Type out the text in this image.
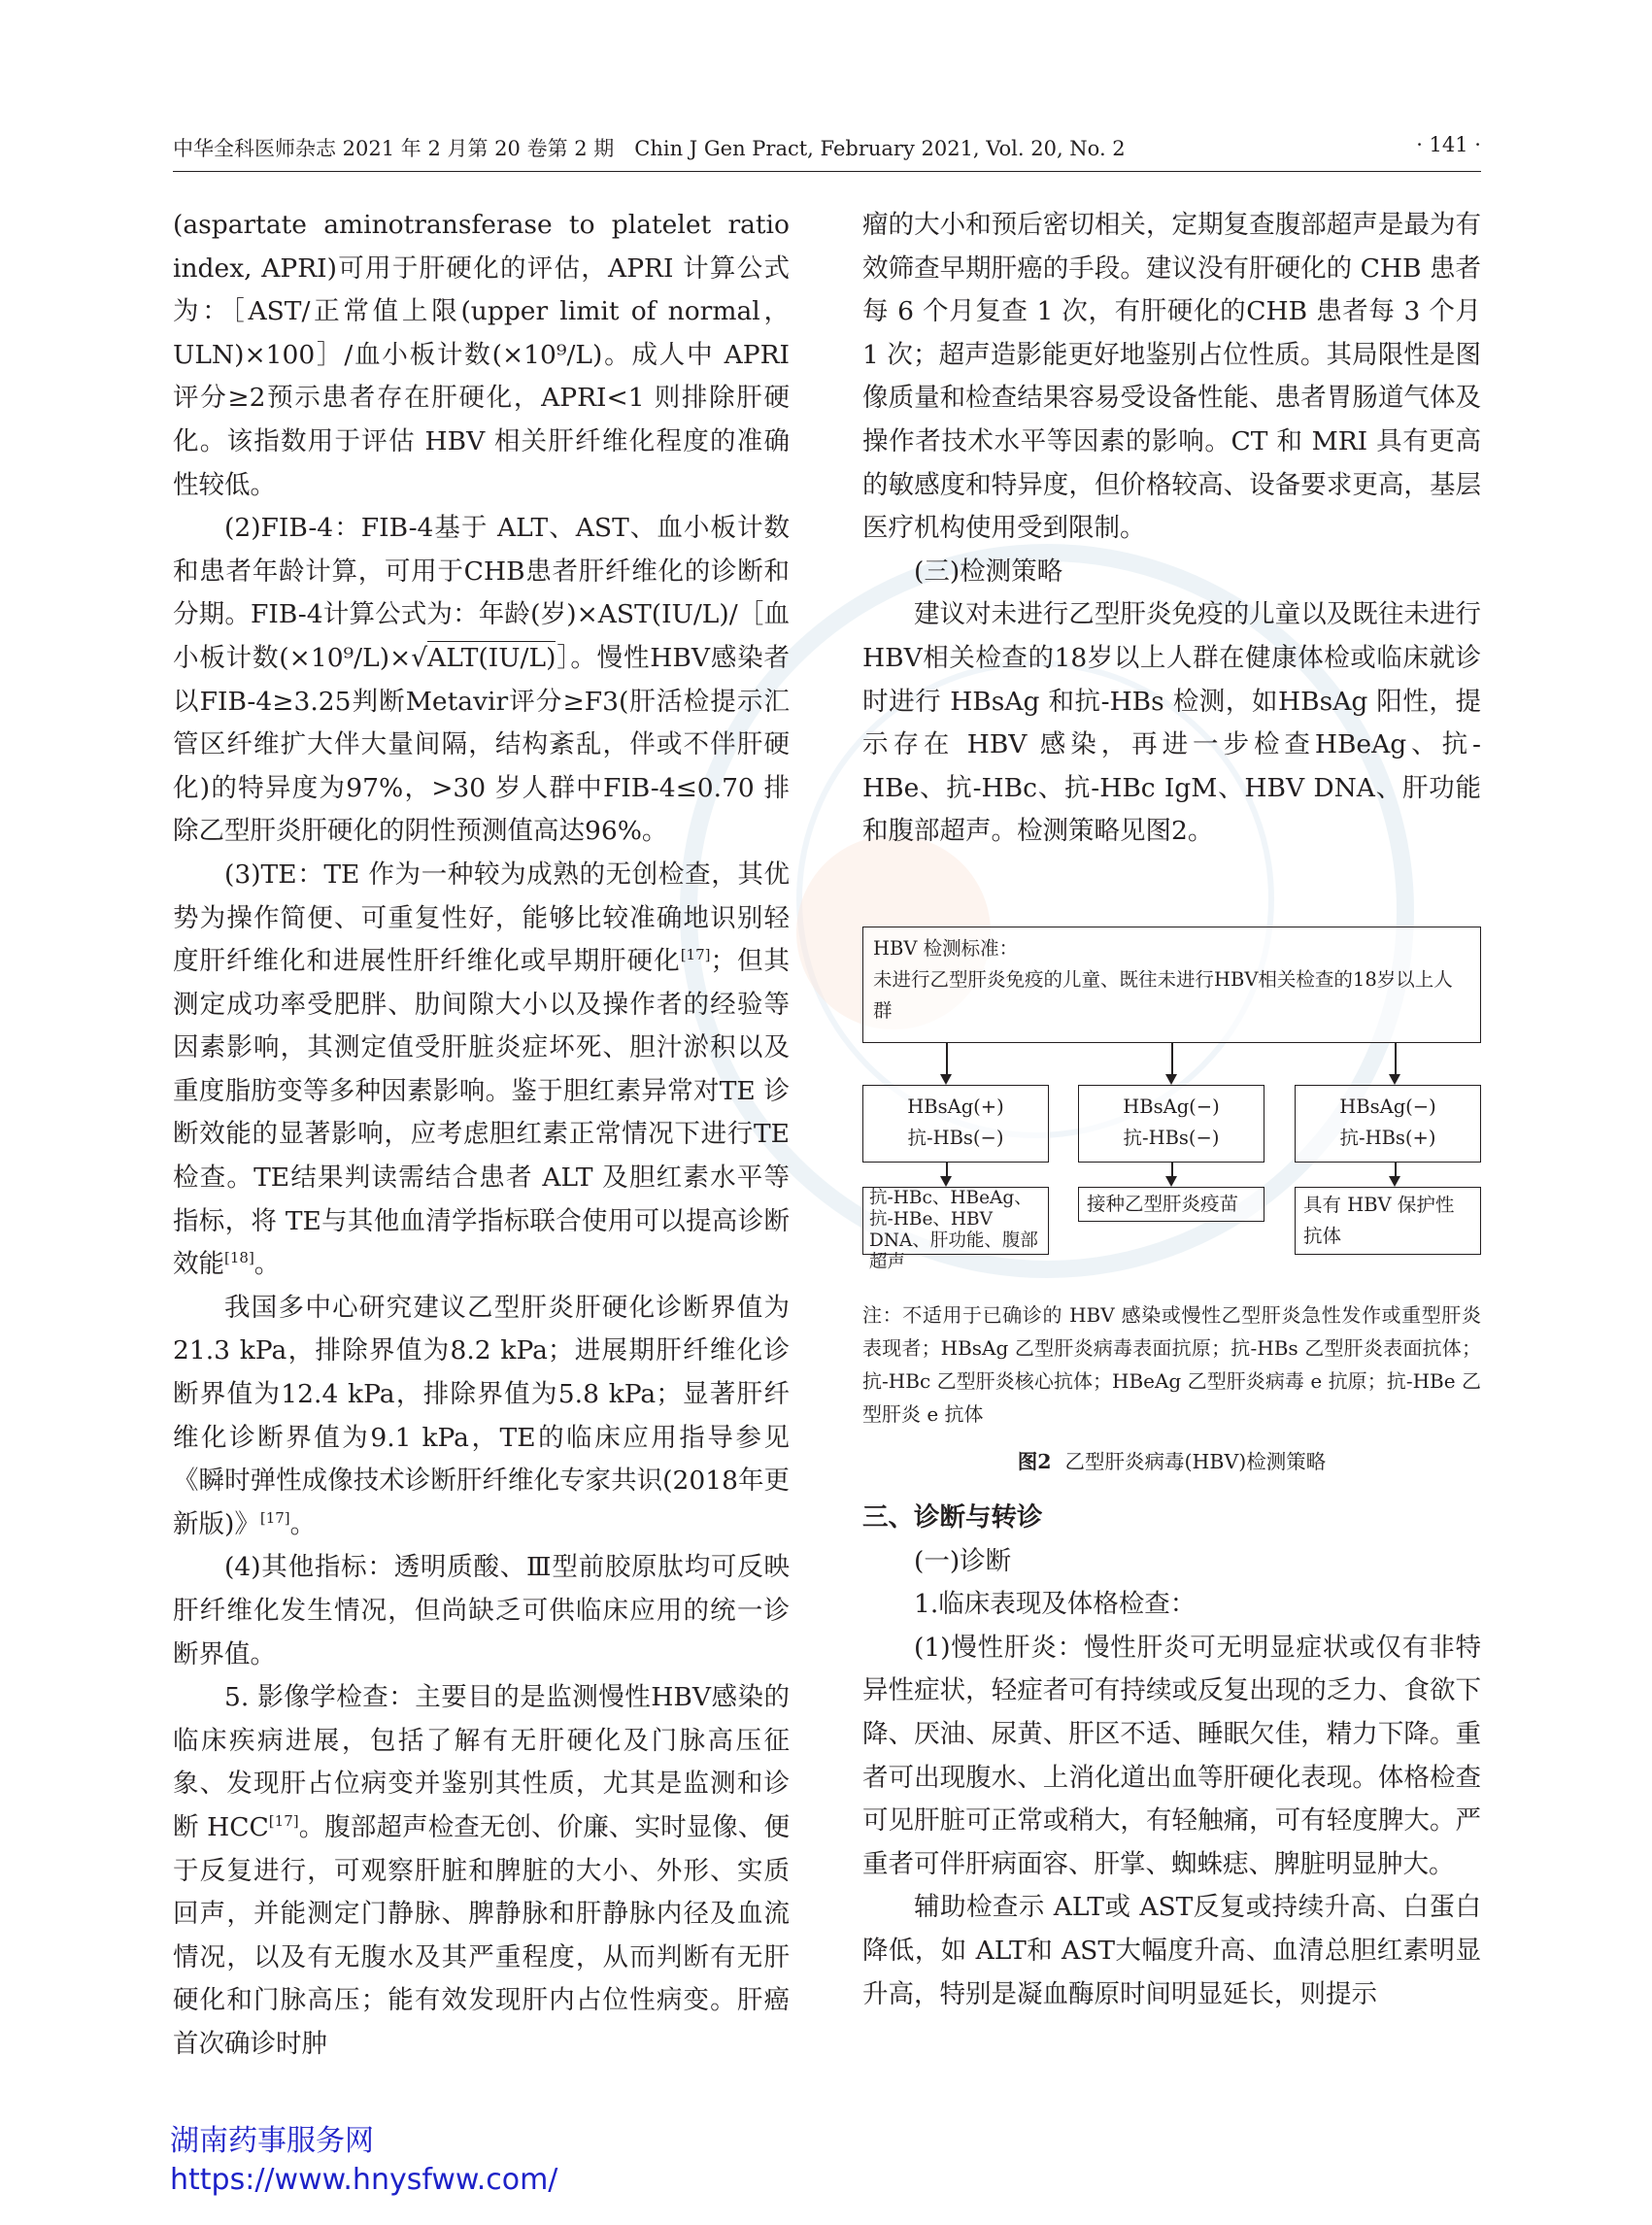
中华全科医师杂志 2021 年 2 月第 20 卷第 2 期　Chin J Gen Pract, February 2021, Vol. 20, No. 2	· 141 ·

(aspartate aminotransferase to platelet ratio index, APRI)可用于肝硬化的评估，APRI 计算公式为：［AST/正常值上限(upper limit of normal，ULN)×100］/血小板计数(×10⁹/L)。成人中 APRI 评分≥2预示患者存在肝硬化，APRI<1 则排除肝硬化。该指数用于评估 HBV 相关肝纤维化程度的准确性较低。

(2)FIB-4：FIB-4基于 ALT、AST、血小板计数和患者年龄计算，可用于CHB患者肝纤维化的诊断和分期。FIB-4计算公式为：年龄(岁)×AST(IU/L)/［血小板计数(×10⁹/L)×√ALT(IU/L)］。慢性HBV感染者以FIB-4≥3.25判断Metavir评分≥F3(肝活检提示汇管区纤维扩大伴大量间隔，结构紊乱，伴或不伴肝硬化)的特异度为97%，>30 岁人群中FIB-4≤0.70 排除乙型肝炎肝硬化的阴性预测值高达96%。

(3)TE：TE 作为一种较为成熟的无创检查，其优势为操作简便、可重复性好，能够比较准确地识别轻度肝纤维化和进展性肝纤维化或早期肝硬化[17]；但其测定成功率受肥胖、肋间隙大小以及操作者的经验等因素影响，其测定值受肝脏炎症坏死、胆汁淤积以及重度脂肪变等多种因素影响。鉴于胆红素异常对TE 诊断效能的显著影响，应考虑胆红素正常情况下进行TE检查。TE结果判读需结合患者 ALT 及胆红素水平等指标，将 TE与其他血清学指标联合使用可以提高诊断效能[18]。

我国多中心研究建议乙型肝炎肝硬化诊断界值为21.3 kPa，排除界值为8.2 kPa；进展期肝纤维化诊断界值为12.4 kPa，排除界值为5.8 kPa；显著肝纤维化诊断界值为9.1 kPa，TE的临床应用指导参见《瞬时弹性成像技术诊断肝纤维化专家共识(2018年更新版)》[17]。

(4)其他指标：透明质酸、Ⅲ型前胶原肽均可反映肝纤维化发生情况，但尚缺乏可供临床应用的统一诊断界值。

5. 影像学检查：主要目的是监测慢性HBV感染的临床疾病进展，包括了解有无肝硬化及门脉高压征象、发现肝占位病变并鉴别其性质，尤其是监测和诊断 HCC[17]。腹部超声检查无创、价廉、实时显像、便于反复进行，可观察肝脏和脾脏的大小、外形、实质回声，并能测定门静脉、脾静脉和肝静脉内径及血流情况，以及有无腹水及其严重程度，从而判断有无肝硬化和门脉高压；能有效发现肝内占位性病变。肝癌首次确诊时肿

瘤的大小和预后密切相关，定期复查腹部超声是最为有效筛查早期肝癌的手段。建议没有肝硬化的 CHB 患者每 6 个月复查 1 次，有肝硬化的CHB 患者每 3 个月 1 次；超声造影能更好地鉴别占位性质。其局限性是图像质量和检查结果容易受设备性能、患者胃肠道气体及操作者技术水平等因素的影响。CT 和 MRI 具有更高的敏感度和特异度，但价格较高、设备要求更高，基层医疗机构使用受到限制。

(三)检测策略

建议对未进行乙型肝炎免疫的儿童以及既往未进行HBV相关检查的18岁以上人群在健康体检或临床就诊时进行 HBsAg 和抗-HBs 检测，如HBsAg 阳性，提示存在 HBV 感染，再进一步检查HBeAg、抗-HBe、抗-HBc、抗-HBc IgM、HBV DNA、肝功能和腹部超声。检测策略见图2。

HBV 检测标准：
未进行乙型肝炎免疫的儿童、既往未进行HBV相关检查的18岁以上人群
HBsAg(+)
抗-HBs(−)
HBsAg(−)
抗-HBs(−)
HBsAg(−)
抗-HBs(+)
抗-HBc、HBeAg、抗-HBe、HBV DNA、肝功能、腹部超声
接种乙型肝炎疫苗	具有 HBV 保护性抗体
注：不适用于已确诊的 HBV 感染或慢性乙型肝炎急性发作或重型肝炎表现者；HBsAg 乙型肝炎病毒表面抗原；抗-HBs 乙型肝炎表面抗体；抗-HBc 乙型肝炎核心抗体；HBeAg 乙型肝炎病毒 e 抗原；抗-HBe 乙型肝炎 e 抗体
图2 乙型肝炎病毒(HBV)检测策略

三、诊断与转诊

(一)诊断

1.临床表现及体格检查：

(1)慢性肝炎：慢性肝炎可无明显症状或仅有非特异性症状，轻症者可有持续或反复出现的乏力、食欲下降、厌油、尿黄、肝区不适、睡眠欠佳，精力下降。重者可出现腹水、上消化道出血等肝硬化表现。体格检查可见肝脏可正常或稍大，有轻触痛，可有轻度脾大。严重者可伴肝病面容、肝掌、蜘蛛痣、脾脏明显肿大。

辅助检查示 ALT或 AST反复或持续升高、白蛋白降低，如 ALT和 AST大幅度升高、血清总胆红素明显升高，特别是凝血酶原时间明显延长，则提示

湖南药事服务网
https://www.hnysfww.com/
